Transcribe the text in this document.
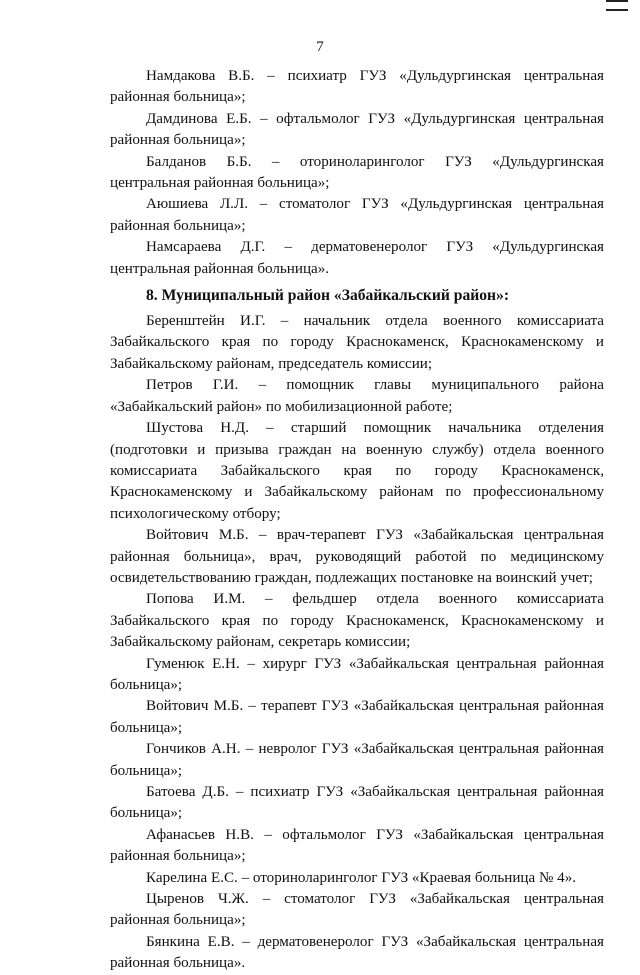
7

Намдакова В.Б. – психиатр ГУЗ «Дульдургинская центральная районная больница»;

Дамдинова Е.Б. – офтальмолог ГУЗ «Дульдургинская центральная районная больница»;

Балданов Б.Б. – оториноларинголог ГУЗ «Дульдургинская центральная районная больница»;

Аюшиева Л.Л. – стоматолог ГУЗ «Дульдургинская центральная районная больница»;

Намсараева Д.Г. – дерматовенеролог ГУЗ «Дульдургинская центральная районная больница».

8. Муниципальный район «Забайкальский район»:

Беренштейн И.Г. – начальник отдела военного комиссариата Забайкальского края по городу Краснокаменск, Краснокаменскому и Забайкальскому районам, председатель комиссии;

Петров Г.И. – помощник главы муниципального района «Забайкальский район» по мобилизационной работе;

Шустова Н.Д. – старший помощник начальника отделения (подготовки и призыва граждан на военную службу) отдела военного комиссариата Забайкальского края по городу Краснокаменск, Краснокаменскому и Забайкальскому районам по профессиональному психологическому отбору;

Войтович М.Б. – врач-терапевт ГУЗ «Забайкальская центральная районная больница», врач, руководящий работой по медицинскому освидетельствованию граждан, подлежащих постановке на воинский учет;

Попова И.М. – фельдшер отдела военного комиссариата Забайкальского края по городу Краснокаменск, Краснокаменскому и Забайкальскому районам, секретарь комиссии;

Гуменюк Е.Н. – хирург ГУЗ «Забайкальская центральная районная больница»;

Войтович М.Б. – терапевт ГУЗ «Забайкальская центральная районная больница»;

Гончиков А.Н. – невролог ГУЗ «Забайкальская центральная районная больница»;

Батоева Д.Б. – психиатр ГУЗ «Забайкальская центральная районная больница»;

Афанасьев Н.В. – офтальмолог ГУЗ «Забайкальская центральная районная больница»;

Карелина Е.С. – оториноларинголог ГУЗ «Краевая больница № 4».

Цыренов Ч.Ж. – стоматолог ГУЗ «Забайкальская центральная районная больница»;

Бянкина Е.В. – дерматовенеролог ГУЗ «Забайкальская центральная районная больница».
